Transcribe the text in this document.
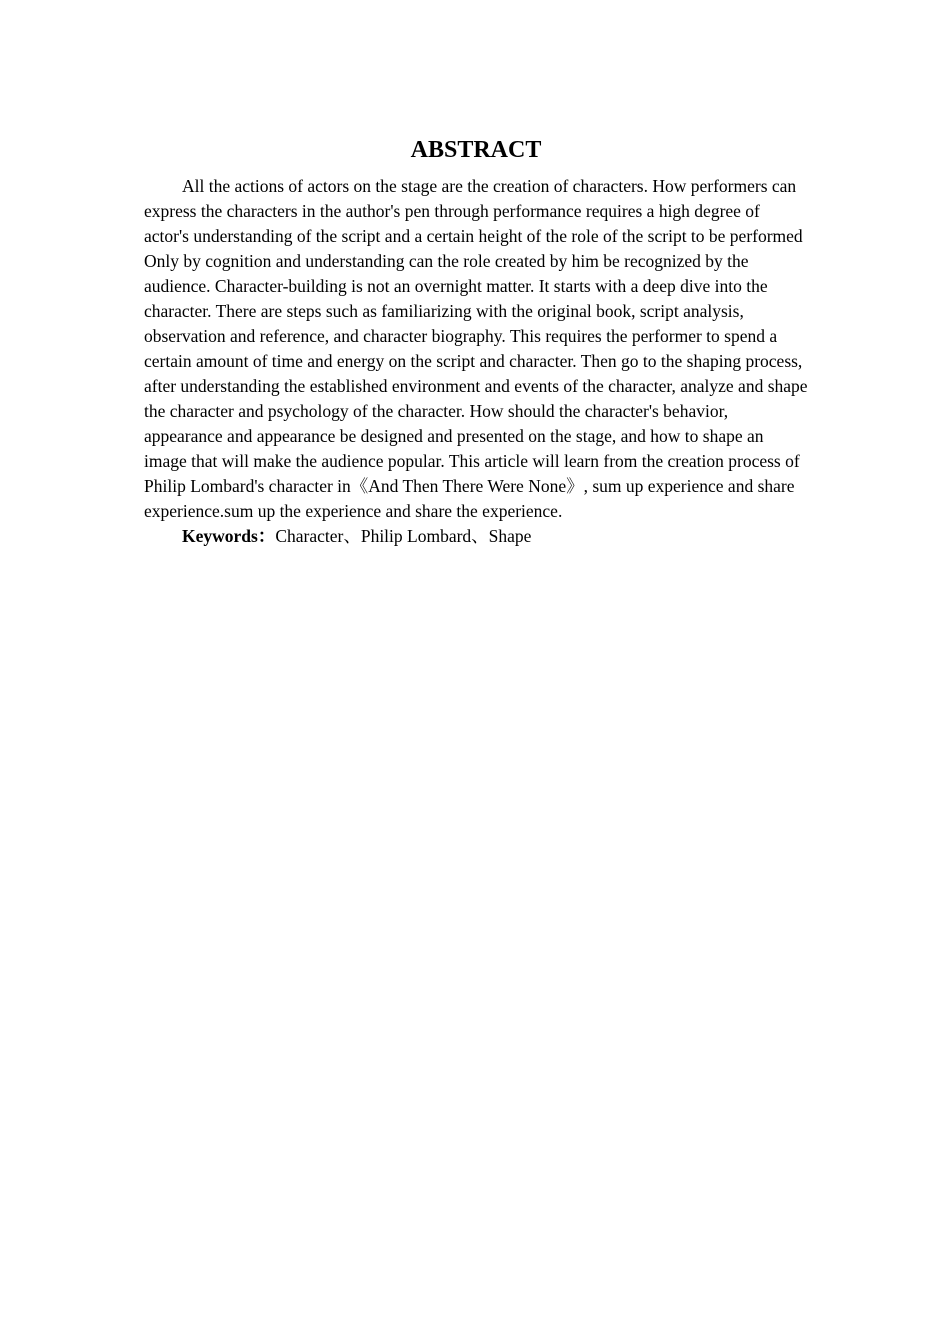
ABSTRACT

All the actions of actors on the stage are the creation of characters. How performers can express the characters in the author's pen through performance requires a high degree of actor's understanding of the script and a certain height of the role of the script to be performed Only by cognition and understanding can the role created by him be recognized by the audience. Character-building is not an overnight matter. It starts with a deep dive into the character. There are steps such as familiarizing with the original book, script analysis, observation and reference, and character biography. This requires the performer to spend a certain amount of time and energy on the script and character. Then go to the shaping process, after understanding the established environment and events of the character, analyze and shape the character and psychology of the character. How should the character's behavior, appearance and appearance be designed and presented on the stage, and how to shape an image that will make the audience popular. This article will learn from the creation process of Philip Lombard's character in《And Then There Were None》, sum up experience and share experience.sum up the experience and share the experience.

Keywords：Character、Philip Lombard、Shape
